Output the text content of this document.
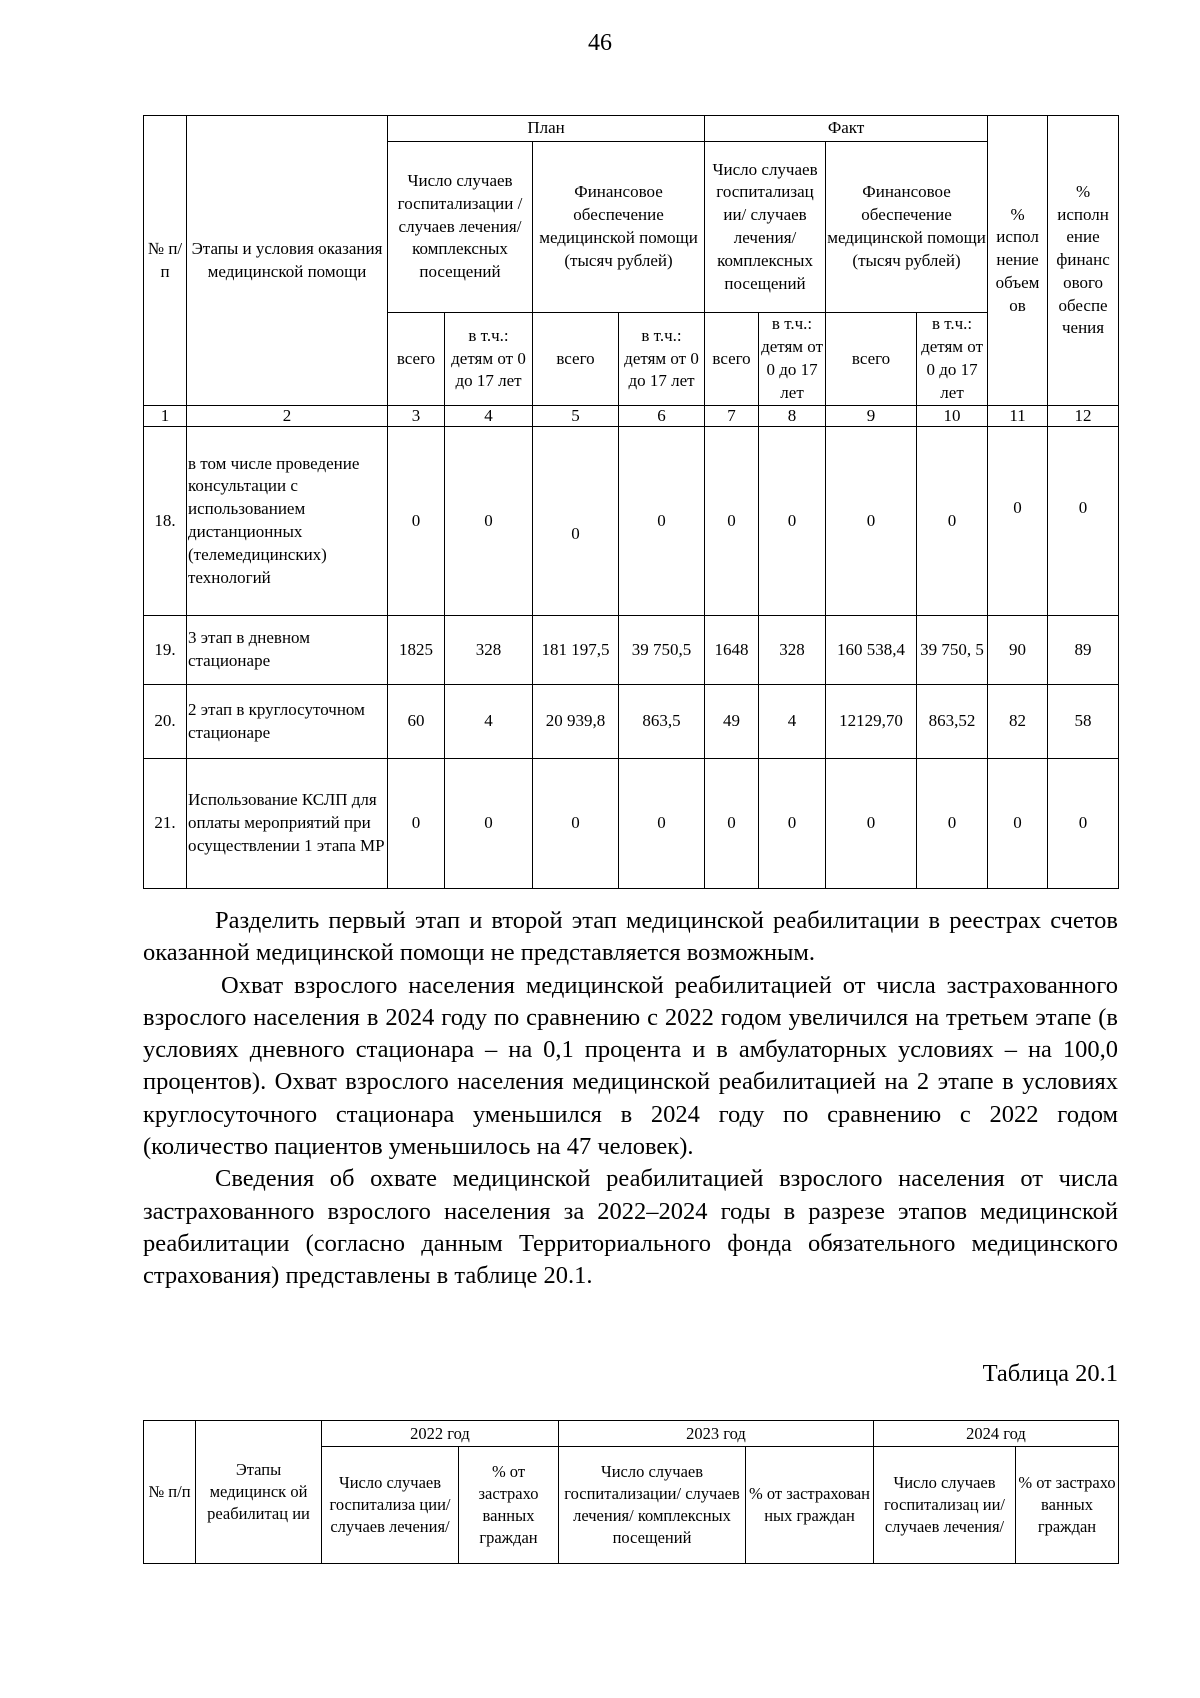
46
№ п/п	Этапы и условия оказания медицинской помощи	План				Факт				% испол нение объем ов	% исполн ение финанс ового обеспе чения
		Число случаев госпитализации / случаев лечения/ комплексных посещений		Финансовое обеспечение медицинской помощи (тысяч рублей)		Число случаев госпитализац ии/ случаев лечения/ комплексных посещений		Финансовое обеспечение медицинской помощи (тысяч рублей)			
		всего	в т.ч.: детям от 0 до 17 лет	всего	в т.ч.: детям от 0 до 17 лет	всего	в т.ч.: детям от 0 до 17 лет	всего	в т.ч.: детям от 0 до 17 лет		
1	2	3	4	5	6	7	8	9	10	11	12
18.	в том числе проведение консультации с использованием дистанционных (телемедицинских) технологий	0	0	0	0	0	0	0	0	0	0
19.	3 этап в дневном стационаре	1825	328	181 197,5	39 750,5	1648	328	160 538,4	39 750, 5	90	89
20.	2 этап в круглосуточном стационаре	60	4	20 939,8	863,5	49	4	12129,70	863,52	82	58
21.	Использование КСЛП для оплаты мероприятий при осуществлении 1 этапа МР	0	0	0	0	0	0	0	0	0	0

Разделить первый этап и второй этап медицинской реабилитации в реестрах счетов оказанной медицинской помощи не представляется возможным.

Охват взрослого населения медицинской реабилитацией от числа застрахованного взрослого населения в 2024 году по сравнению с 2022 годом увеличился на третьем этапе (в условиях дневного стационара – на 0,1 процента и в амбулаторных условиях – на 100,0 процентов). Охват взрослого населения медицинской реабилитацией на 2 этапе в условиях круглосуточного стационара уменьшился в 2024 году по сравнению с 2022 годом (количество пациентов уменьшилось на 47 человек).

Сведения об охвате медицинской реабилитацией взрослого населения от числа застрахованного взрослого населения за 2022–2024 годы в разрезе этапов медицинской реабилитации (согласно данным Территориального фонда обязательного медицинского страхования) представлены в таблице 20.1.

Таблица 20.1
№ п/п	Этапы медицинск ой реабилитац ии	2022 год		2023 год		2024 год	
		Число случаев госпитализа ции/ случаев лечения/	% от застрахо ванных граждан	Число случаев госпитализации/ случаев лечения/ комплексных посещений	% от застрахован ных граждан	Число случаев госпитализац ии/ случаев лечения/	% от застрахо ванных граждан
